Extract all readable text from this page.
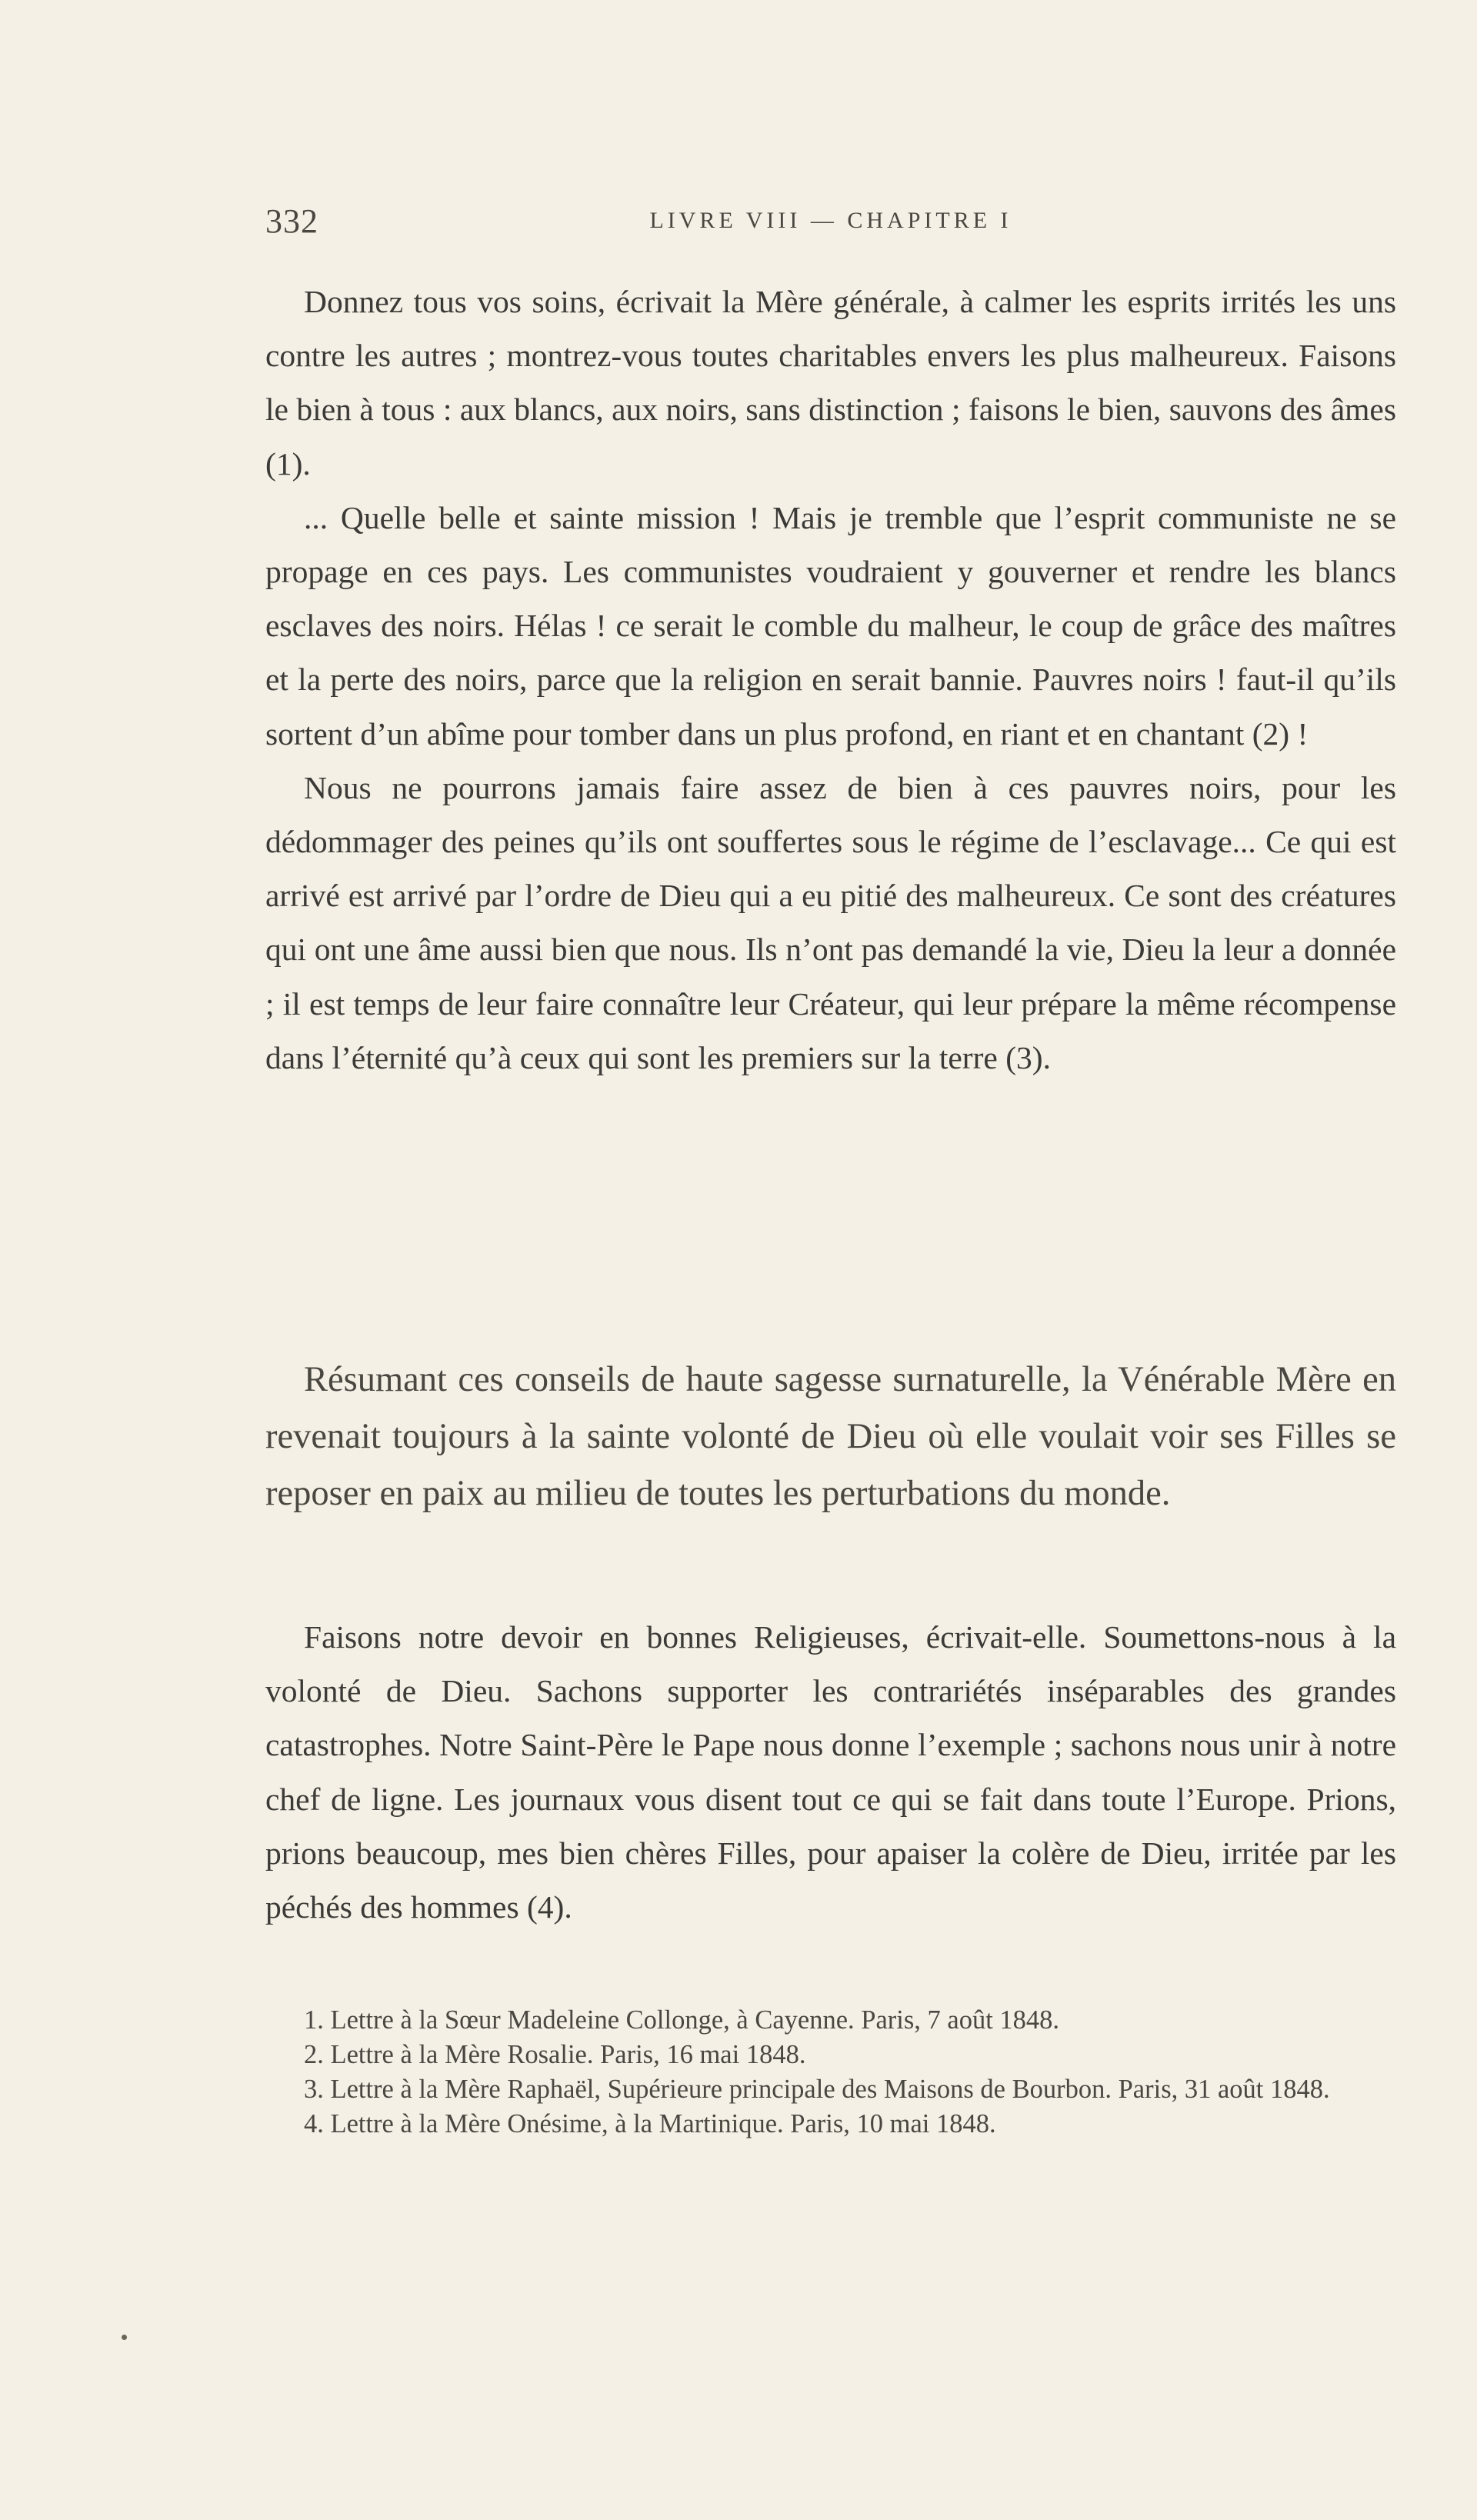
332	LIVRE VIII — CHAPITRE I

Donnez tous vos soins, écrivait la Mère générale, à calmer les esprits irrités les uns contre les autres ; montrez-vous toutes charitables envers les plus malheureux. Faisons le bien à tous : aux blancs, aux noirs, sans distinction ; faisons le bien, sauvons des âmes (1).

... Quelle belle et sainte mission ! Mais je tremble que l’esprit communiste ne se propage en ces pays. Les communistes voudraient y gouverner et rendre les blancs esclaves des noirs. Hélas ! ce serait le comble du malheur, le coup de grâce des maîtres et la perte des noirs, parce que la religion en serait bannie. Pauvres noirs ! faut-il qu’ils sortent d’un abîme pour tomber dans un plus profond, en riant et en chantant (2) !

Nous ne pourrons jamais faire assez de bien à ces pauvres noirs, pour les dédommager des peines qu’ils ont souffertes sous le régime de l’esclavage... Ce qui est arrivé est arrivé par l’ordre de Dieu qui a eu pitié des malheureux. Ce sont des créatures qui ont une âme aussi bien que nous. Ils n’ont pas demandé la vie, Dieu la leur a donnée ; il est temps de leur faire connaître leur Créateur, qui leur prépare la même récompense dans l’éternité qu’à ceux qui sont les premiers sur la terre (3).

Résumant ces conseils de haute sagesse surnaturelle, la Vénérable Mère en revenait toujours à la sainte volonté de Dieu où elle voulait voir ses Filles se reposer en paix au milieu de toutes les perturbations du monde.

Faisons notre devoir en bonnes Religieuses, écrivait-elle. Soumettons-nous à la volonté de Dieu. Sachons supporter les contrariétés inséparables des grandes catastrophes. Notre Saint-Père le Pape nous donne l’exemple ; sachons nous unir à notre chef de ligne. Les journaux vous disent tout ce qui se fait dans toute l’Europe. Prions, prions beaucoup, mes bien chères Filles, pour apaiser la colère de Dieu, irritée par les péchés des hommes (4).

1. Lettre à la Sœur Madeleine Collonge, à Cayenne. Paris, 7 août 1848.

2. Lettre à la Mère Rosalie. Paris, 16 mai 1848.

3. Lettre à la Mère Raphaël, Supérieure principale des Maisons de Bourbon. Paris, 31 août 1848.

4. Lettre à la Mère Onésime, à la Martinique. Paris, 10 mai 1848.
